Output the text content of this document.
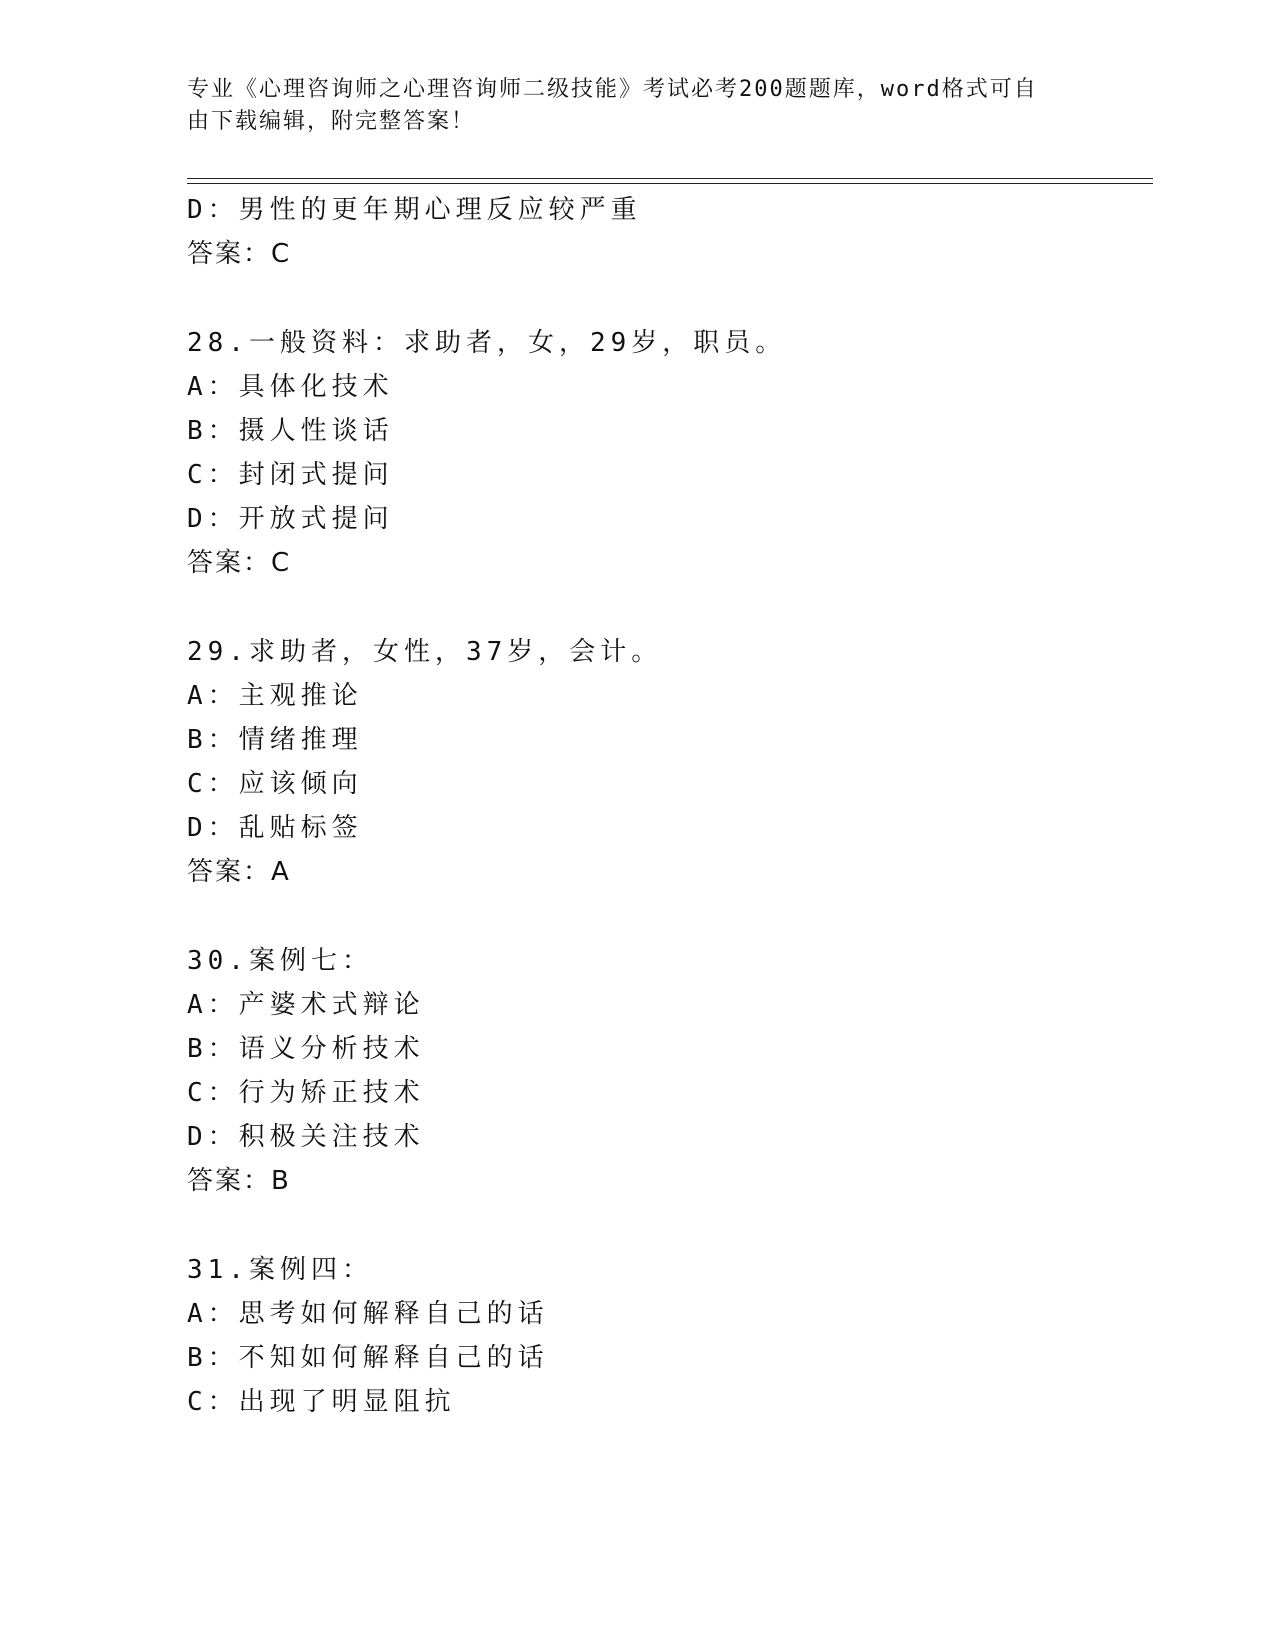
专业《心理咨询师之心理咨询师二级技能》考试必考200题题库，word格式可自
由下载编辑，附完整答案！
D：男性的更年期心理反应较严重
答案：C
28.一般资料：求助者，女，29岁，职员。
A：具体化技术
B：摄人性谈话
C：封闭式提问
D：开放式提问
答案：C
29.求助者，女性，37岁，会计。
A：主观推论
B：情绪推理
C：应该倾向
D：乱贴标签
答案：A
30.案例七：
A：产婆术式辩论
B：语义分析技术
C：行为矫正技术
D：积极关注技术
答案：B
31.案例四：
A：思考如何解释自己的话
B：不知如何解释自己的话
C：出现了明显阻抗
